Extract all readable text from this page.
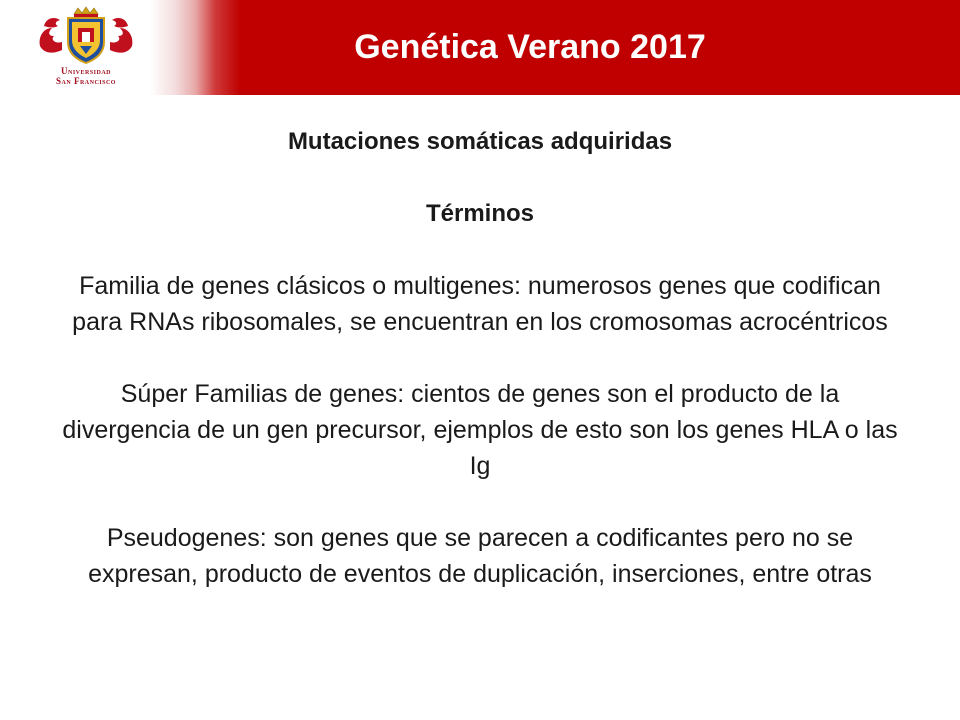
Universidad
San Francisco
Genética Verano 2017
Mutaciones somáticas adquiridas
Términos
Familia de genes clásicos o multigenes: numerosos genes que codifican para RNAs ribosomales, se encuentran en los cromosomas acrocéntricos
Súper Familias de genes: cientos de genes son el producto de la divergencia de un gen precursor, ejemplos de esto son los genes HLA o las Ig
Pseudogenes: son genes que se parecen a codificantes pero no se expresan, producto de eventos de duplicación, inserciones, entre otras
